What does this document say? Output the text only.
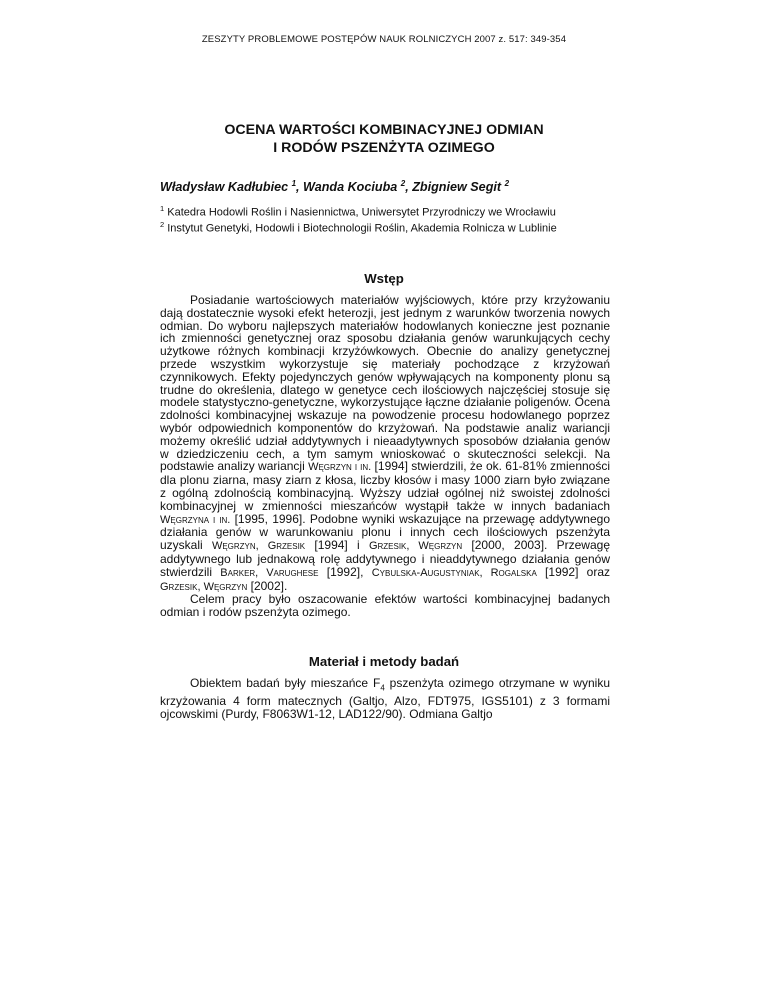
ZESZYTY PROBLEMOWE POSTĘPÓW NAUK ROLNICZYCH 2007 z. 517: 349-354
OCENA WARTOŚCI KOMBINACYJNEJ ODMIAN
I RODÓW PSZENŻYTA OZIMEGO
Władysław Kadłubiec $^1$, Wanda Kociuba $^2$, Zbigniew Segit $^2$
$^1$ Katedra Hodowli Roślin i Nasiennictwa, Uniwersytet Przyrodniczy we Wrocławiu
$^2$ Instytut Genetyki, Hodowli i Biotechnologii Roślin, Akademia Rolnicza w Lublinie
Wstęp

Posiadanie wartościowych materiałów wyjściowych, które przy krzyżowaniu dają dostatecznie wysoki efekt heterozji, jest jednym z warunków tworzenia nowych odmian. Do wyboru najlepszych materiałów hodowlanych konieczne jest poznanie ich zmienności genetycznej oraz sposobu działania genów warunkujących cechy użytkowe różnych kombinacji krzyżówkowych. Obecnie do analizy genetycznej przede wszystkim wykorzystuje się materiały pochodzące z krzyżowań czynnikowych. Efekty pojedynczych genów wpływających na komponenty plonu są trudne do określenia, dlatego w genetyce cech ilościowych najczęściej stosuje się modele statystyczno-genetyczne, wykorzystujące łączne działanie poligenów. Ocena zdolności kombinacyjnej wskazuje na powodzenie procesu hodowlanego poprzez wybór odpowiednich komponentów do krzyżowań. Na podstawie analiz wariancji możemy określić udział addytywnych i nieaadytywnych sposobów działania genów w dziedziczeniu cech, a tym samym wnioskować o skuteczności selekcji. Na podstawie analizy wariancji Węgrzyn i in. [1994] stwierdzili, że ok. 61-81% zmienności dla plonu ziarna, masy ziarn z kłosa, liczby kłosów i masy 1000 ziarn było związane z ogólną zdolnością kombinacyjną. Wyższy udział ogólnej niż swoistej zdolności kombinacyjnej w zmienności mieszańców wystąpił także w innych badaniach Węgrzyna i in. [1995, 1996]. Podobne wyniki wskazujące na przewagę addytywnego działania genów w warunkowaniu plonu i innych cech ilościowych pszenżyta uzyskali Węgrzyn, Grzesik [1994] i Grzesik, Węgrzyn [2000, 2003]. Przewagę addytywnego lub jednakową rolę addytywnego i nieaddytywnego działania genów stwierdzili Barker, Varughese [1992], Cybulska-Augustyniak, Rogalska [1992] oraz Grzesik, Węgrzyn [2002].

Celem pracy było oszacowanie efektów wartości kombinacyjnej badanych odmian i rodów pszenżyta ozimego.

Materiał i metody badań

Obiektem badań były mieszańce $F_4$ pszenżyta ozimego otrzymane w wyniku krzyżowania 4 form matecznych (Galtjo, Alzo, FDT975, IGS5101) z 3 formami ojcowskimi (Purdy, F8063W1-12, LAD122/90). Odmiana Galtjo
